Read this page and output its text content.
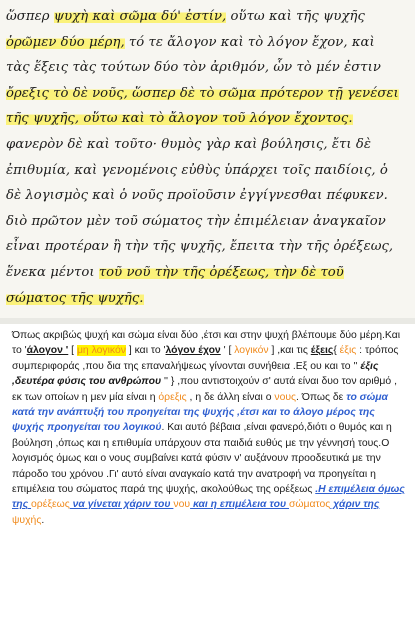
ὥσπερ ψυχὴ καὶ σῶμα δύ' ἐστίν, οὕτω καὶ τῆς ψυχῆς
ὁρῶμεν δύο μέρη, τό τε ἄλογον καὶ τὸ λόγον ἔχον, καὶ
τὰς ἕξεις τὰς τούτων δύο τὸν ἀριθμόν, ὧν τὸ μέν ἐστιν
ὄρεξις τὸ δὲ νοῦς, ὥσπερ δὲ τὸ σῶμα πρότερον τῇ γενέσει
τῆς ψυχῆς, οὕτω καὶ τὸ ἄλογον τοῦ λόγον ἔχοντος.
φανερὸν δὲ καὶ τοῦτο· θυμὸς γὰρ καὶ βούλησις, ἔτι δὲ
ἐπιθυμία, καὶ γενομένοις εὐθὺς ὑπάρχει τοῖς παιδίοις, ὁ
δὲ λογισμὸς καὶ ὁ νοῦς προϊοῦσιν ἐγγίγνεσθαι πέφυκεν.
διὸ πρῶτον μὲν τοῦ σώματος τὴν ἐπιμέλειαν ἀναγκαῖον
εἶναι προτέραν ἢ τὴν τῆς ψυχῆς, ἔπειτα τὴν τῆς ὀρέξεως,
ἕνεκα μέντοι τοῦ νοῦ τὴν τῆς ὀρέξεως, τὴν δὲ τοῦ
σώματος τῆς ψυχῆς.

Όπως ακριβώς ψυχή και σώμα είναι δύο ,έτσι και στην ψυχή βλέπουμε δύο μέρη.Και το 'άλογον ' [ μη λογικόν ] και το 'λόγον έχον ' [ λογικόν ] ,και τις έξεις{ έξις : τρόπος συμπεριφοράς ,που δια της επαναλήψεως γίνονται συνήθεια .Εξ ου και το '' έξις ,δευτέρα φύσις του ανθρώπου '' } ,που αντιστοιχούν σ' αυτά είναι δυο τον αριθμό , εκ των οποίων η μεν μία είναι η όρεξις , η δε άλλη είναι ο νους. Όπως δε το σώμα κατά την ανάπτυξή του προηγείται της ψυχής ,έτσι και το άλογο μέρος της ψυχής προηγείται του λογικού. Και αυτό βέβαια ,είναι φανερό,διότι ο θυμός και η βούληση ,όπως και η επιθυμία υπάρχουν στα παιδιά ευθύς με την γέννησή τους.Ο λογισμός όμως και ο νους συμβαίνει κατά φύσιν ν' αυξάνουν προοδευτικά με την πάροδο του χρόνου .Γι' αυτό είναι αναγκαίο κατά την ανατροφή να προηγείται η επιμέλεια του σώματος παρά της ψυχής, ακολούθως της ορέξεως .Η επιμέλεια όμως της ορέξεως να γίνεται χάριν του νου και η επιμέλεια του σώματος χάριν της ψυχής.
